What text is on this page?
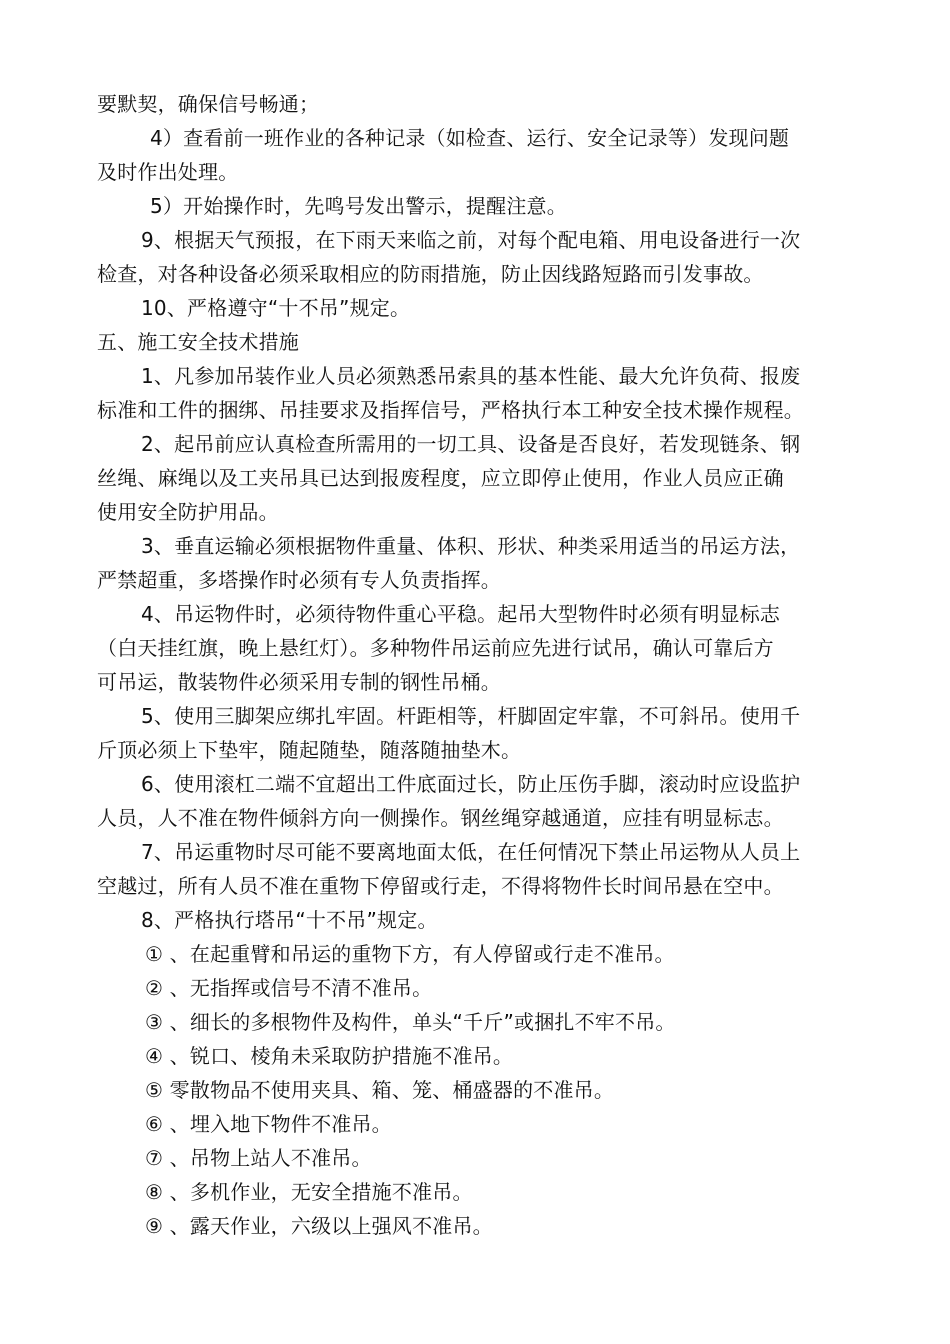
要默契，确保信号畅通；
4）查看前一班作业的各种记录（如检查、运行、安全记录等）发现问题
及时作出处理。
5）开始操作时，先鸣号发出警示，提醒注意。
9、根据天气预报，在下雨天来临之前，对每个配电箱、用电设备进行一次
检查，对各种设备必须采取相应的防雨措施，防止因线路短路而引发事故。
10、严格遵守“十不吊”规定。
五、施工安全技术措施
1、凡参加吊装作业人员必须熟悉吊索具的基本性能、最大允许负荷、报废
标准和工件的捆绑、吊挂要求及指挥信号，严格执行本工种安全技术操作规程。
2、起吊前应认真检查所需用的一切工具、设备是否良好，若发现链条、钢
丝绳、麻绳以及工夹吊具已达到报废程度，应立即停止使用，作业人员应正确
使用安全防护用品。
3、垂直运输必须根据物件重量、体积、形状、种类采用适当的吊运方法，
严禁超重，多塔操作时必须有专人负责指挥。
4、吊运物件时，必须待物件重心平稳。起吊大型物件时必须有明显标志
（白天挂红旗，晚上悬红灯）。多种物件吊运前应先进行试吊，确认可靠后方
可吊运，散装物件必须采用专制的钢性吊桶。
5、使用三脚架应绑扎牢固。杆距相等，杆脚固定牢靠，不可斜吊。使用千
斤顶必须上下垫牢，随起随垫，随落随抽垫木。
6、使用滚杠二端不宜超出工件底面过长，防止压伤手脚，滚动时应设监护
人员，人不准在物件倾斜方向一侧操作。钢丝绳穿越通道，应挂有明显标志。
7、吊运重物时尽可能不要离地面太低，在任何情况下禁止吊运物从人员上
空越过，所有人员不准在重物下停留或行走，不得将物件长时间吊悬在空中。
8、严格执行塔吊“十不吊”规定。
① 、在起重臂和吊运的重物下方，有人停留或行走不准吊。
② 、无指挥或信号不清不准吊。
③ 、细长的多根物件及构件，单头“千斤”或捆扎不牢不吊。
④ 、锐口、棱角未采取防护措施不准吊。
⑤ 零散物品不使用夹具、箱、笼、桶盛器的不准吊。
⑥ 、埋入地下物件不准吊。
⑦ 、吊物上站人不准吊。
⑧ 、多机作业，无安全措施不准吊。
⑨ 、露天作业，六级以上强风不准吊。
